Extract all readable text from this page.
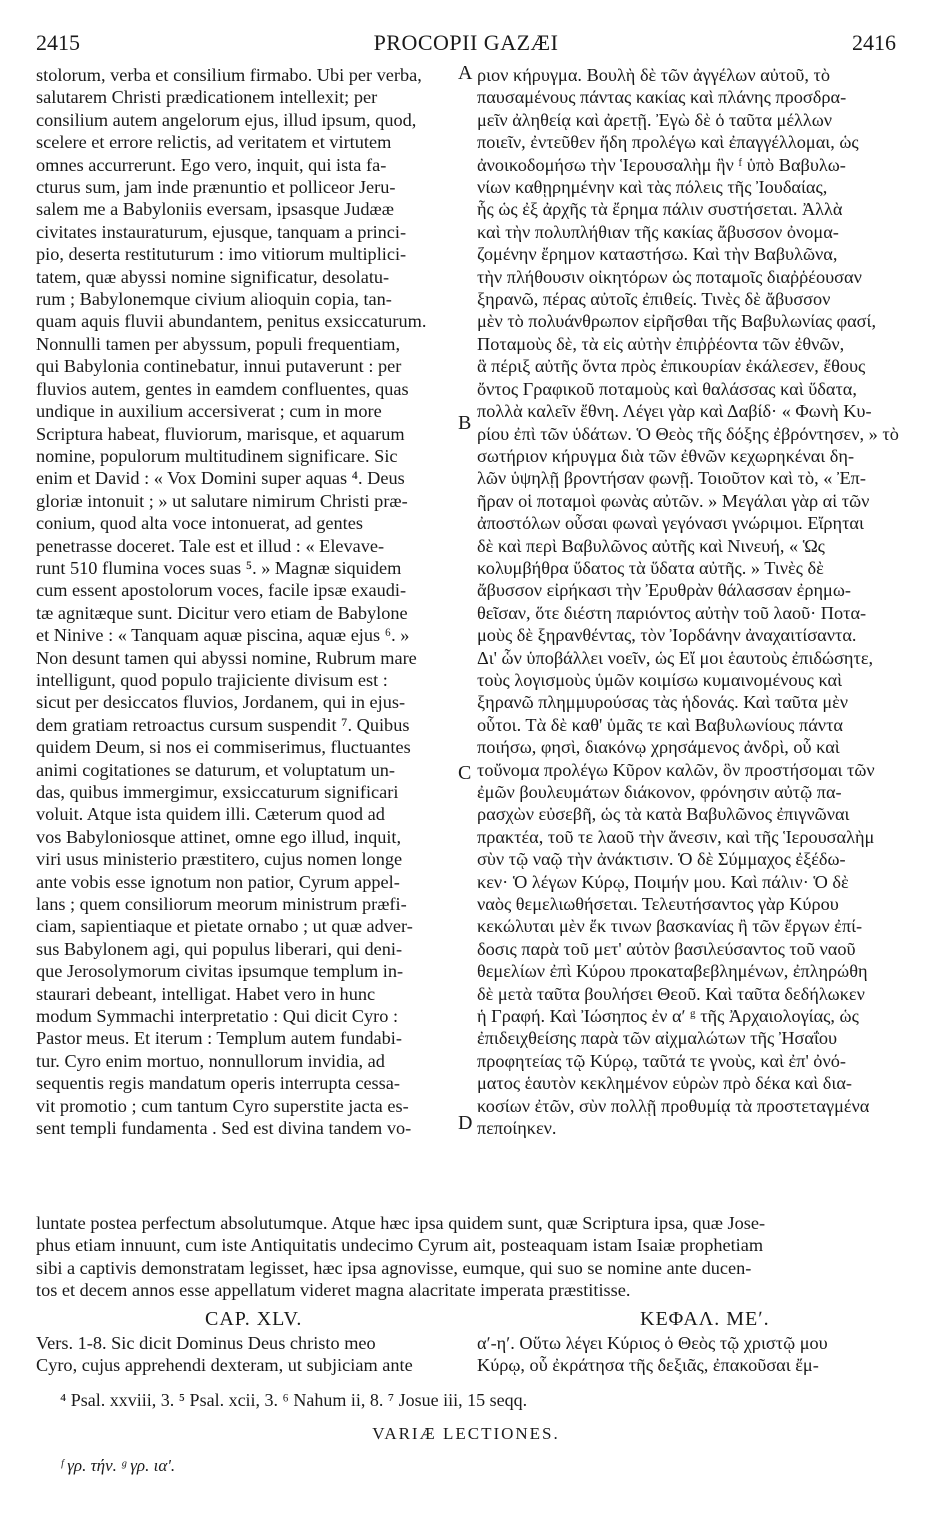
2415	PROCOPII GAZÆI	2416

stolorum, verba et consilium firmabo. Ubi per verba,

salutarem Christi prædicationem intellexit; per

consilium autem angelorum ejus, illud ipsum, quod,

scelere et errore relictis, ad veritatem et virtutem

omnes accurrerunt. Ego vero, inquit, qui ista fa-

cturus sum, jam inde prænuntio et polliceor Jeru-

salem me a Babyloniis eversam, ipsasque Judææ

civitates instauraturum, ejusque, tanquam a princi-

pio, deserta restituturum : imo vitiorum multiplici-

tatem, quæ abyssi nomine significatur, desolatu-

rum ; Babylonemque civium alioquin copia, tan-

quam aquis fluvii abundantem, penitus exsiccaturum.

Nonnulli tamen per abyssum, populi frequentiam,

qui Babylonia continebatur, innui putaverunt : per

fluvios autem, gentes in eamdem confluentes, quas

undique in auxilium accersiverat ; cum in more

Scriptura habeat, fluviorum, marisque, et aquarum

nomine, populorum multitudinem significare. Sic

enim et David : « Vox Domini super aquas ⁴. Deus

gloriæ intonuit ; » ut salutare nimirum Christi præ-

conium, quod alta voce intonuerat, ad gentes

penetrasse doceret. Tale est et illud : « Elevave-

runt 510 flumina voces suas ⁵. » Magnæ siquidem

cum essent apostolorum voces, facile ipsæ exaudi-

tæ agnitæque sunt. Dicitur vero etiam de Babylone

et Ninive : « Tanquam aquæ piscina, aquæ ejus ⁶. »

Non desunt tamen qui abyssi nomine, Rubrum mare

intelligunt, quod populo trajiciente divisum est :

sicut per desiccatos fluvios, Jordanem, qui in ejus-

dem gratiam retroactus cursum suspendit ⁷. Quibus

quidem Deum, si nos ei commiserimus, fluctuantes

animi cogitationes se daturum, et voluptatum un-

das, quibus immergimur, exsiccaturum significari

voluit. Atque ista quidem illi. Cæterum quod ad

vos Babyloniosque attinet, omne ego illud, inquit,

viri usus ministerio præstitero, cujus nomen longe

ante vobis esse ignotum non patior, Cyrum appel-

lans ; quem consiliorum meorum ministrum præfi-

ciam, sapientiaque et pietate ornabo ; ut quæ adver-

sus Babylonem agi, qui populus liberari, qui deni-

que Jerosolymorum civitas ipsumque templum in-

staurari debeant, intelligat. Habet vero in hunc

modum Symmachi interpretatio : Qui dicit Cyro :

Pastor meus. Et iterum : Templum autem fundabi-

tur. Cyro enim mortuo, nonnullorum invidia, ad

sequentis regis mandatum operis interrupta cessa-

vit promotio ; cum tantum Cyro superstite jacta es-

sent templi fundamenta . Sed est divina tandem vo-

ριον κήρυγμα. Βουλὴ δὲ τῶν ἀγγέλων αὐτοῦ, τὸ

παυσαμένους πάντας κακίας καὶ πλάνης προσδρα-

μεῖν ἀληθείᾳ καὶ ἀρετῇ. Ἐγὼ δὲ ὁ ταῦτα μέλλων

ποιεῖν, ἐντεῦθεν ἤδη προλέγω καὶ ἐπαγγέλλομαι, ὡς

ἀνοικοδομήσω τὴν Ἱερουσαλὴμ ἣν ᶠ ὑπὸ Βαβυλω-

νίων καθῃρημένην καὶ τὰς πόλεις τῆς Ἰουδαίας,

ἧς ὡς ἐξ ἀρχῆς τὰ ἔρημα πάλιν συστήσεται. Ἀλλὰ

καὶ τὴν πολυπλήθιαν τῆς κακίας ἄβυσσον ὀνομα-

ζομένην ἔρημον καταστήσω. Καὶ τὴν Βαβυλῶνα,

τὴν πλήθουσιν οἰκητόρων ὡς ποταμοῖς διαῤῥέουσαν

ξηρανῶ, πέρας αὐτοῖς ἐπιθείς. Τινὲς δὲ ἄβυσσον

μὲν τὸ πολυάνθρωπον εἰρῆσθαι τῆς Βαβυλωνίας φασί,

Ποταμοὺς δὲ, τὰ εἰς αὐτὴν ἐπιῤῥέοντα τῶν ἐθνῶν,

ἃ πέριξ αὐτῆς ὄντα πρὸς ἐπικουρίαν ἐκάλεσεν, ἔθους

ὄντος Γραφικοῦ ποταμοὺς καὶ θαλάσσας καὶ ὕδατα,

πολλὰ καλεῖν ἔθνη. Λέγει γὰρ καὶ Δαβίδ· « Φωνὴ Κυ-

ρίου ἐπὶ τῶν ὑδάτων. Ὁ Θεὸς τῆς δόξης ἐβρόντησεν, » τὸ

σωτήριον κήρυγμα διὰ τῶν ἐθνῶν κεχωρηκέναι δη-

λῶν ὑψηλῇ βροντήσαν φωνῇ. Τοιοῦτον καὶ τὸ, « Ἐπ-

ῆραν οἱ ποταμοὶ φωνὰς αὐτῶν. » Μεγάλαι γὰρ αἱ τῶν

ἀποστόλων οὖσαι φωναὶ γεγόνασι γνώριμοι. Εἴρηται

δὲ καὶ περὶ Βαβυλῶνος αὐτῆς καὶ Νινευή, « Ὡς

κολυμβήθρα ὕδατος τὰ ὕδατα αὐτῆς. » Τινὲς δὲ

ἄβυσσον εἰρήκασι τὴν Ἐρυθρὰν θάλασσαν ἐρημω-

θεῖσαν, ὅτε διέστη παριόντος αὐτὴν τοῦ λαοῦ· Ποτα-

μοὺς δὲ ξηρανθέντας, τὸν Ἰορδάνην ἀναχαιτίσαντα.

Δι' ὧν ὑποβάλλει νοεῖν, ὡς Εἴ μοι ἑαυτοὺς ἐπιδώσητε,

τοὺς λογισμοὺς ὑμῶν κοιμίσω κυμαινομένους καὶ

ξηρανῶ πλημμυρούσας τὰς ἡδονάς. Καὶ ταῦτα μὲν

οὗτοι. Τὰ δὲ καθ' ὑμᾶς τε καὶ Βαβυλωνίους πάντα

ποιήσω, φησὶ, διακόνῳ χρησάμενος ἀνδρὶ, οὗ καὶ

τοὔνομα προλέγω Κῦρον καλῶν, ὃν προστήσομαι τῶν

ἐμῶν βουλευμάτων διάκονον, φρόνησιν αὐτῷ πα-

ρασχὼν εὐσεβῆ, ὡς τὰ κατὰ Βαβυλῶνος ἐπιγνῶναι

πρακτέα, τοῦ τε λαοῦ τὴν ἄνεσιν, καὶ τῆς Ἱερουσαλὴμ

σὺν τῷ ναῷ τὴν ἀνάκτισιν. Ὁ δὲ Σύμμαχος ἐξέδω-

κεν· Ὁ λέγων Κύρῳ, Ποιμήν μου. Καὶ πάλιν· Ὁ δὲ

ναὸς θεμελιωθήσεται. Τελευτήσαντος γὰρ Κύρου

κεκώλυται μὲν ἔκ τινων βασκανίας ἢ τῶν ἔργων ἐπί-

δοσις παρὰ τοῦ μετ' αὐτὸν βασιλεύσαντος τοῦ ναοῦ

θεμελίων ἐπὶ Κύρου προκαταβεβλημένων, ἐπληρώθη

δὲ μετὰ ταῦτα βουλήσει Θεοῦ. Καὶ ταῦτα δεδήλωκεν

ἡ Γραφή. Καὶ Ἰώσηπος ἐν αʹ ᵍ τῆς Ἀρχαιολογίας, ὡς

ἐπιδειχθείσης παρὰ τῶν αἰχμαλώτων τῆς Ἠσαΐου

προφητείας τῷ Κύρῳ, ταῦτά τε γνοὺς, καὶ ἐπ' ὀνό-

ματος ἑαυτὸν κεκλημένον εὑρὼν πρὸ δέκα καὶ δια-

κοσίων ἐτῶν, σὺν πολλῇ προθυμίᾳ τὰ προστεταγμένα

πεποίηκεν.

A
B
C
D

luntate postea perfectum absolutumque. Atque hæc ipsa quidem sunt, quæ Scriptura ipsa, quæ Jose-

phus etiam innuunt, cum iste Antiquitatis undecimo Cyrum ait, posteaquam istam Isaiæ prophetiam

sibi a captivis demonstratam legisset, hæc ipsa agnovisse, eumque, qui suo se nomine ante ducen-

tos et decem annos esse appellatum videret magna alacritate imperata præstitisse.

CAP. XLV.	ΚΕΦΑΛ. ΜΕʹ.

Vers. 1-8. Sic dicit Dominus Deus christo meo

Cyro, cujus apprehendi dexteram, ut subjiciam ante

αʹ-ηʹ. Οὕτω λέγει Κύριος ὁ Θεὸς τῷ χριστῷ μου

Κύρῳ, οὗ ἐκράτησα τῆς δεξιᾶς, ἐπακοῦσαι ἔμ-

⁴ Psal. xxviii, 3. ⁵ Psal. xcii, 3. ⁶ Nahum ii, 8. ⁷ Josue iii, 15 seqq.
VARIÆ LECTIONES.
ᶠ γρ. τήν. ᵍ γρ. ιαʹ.
